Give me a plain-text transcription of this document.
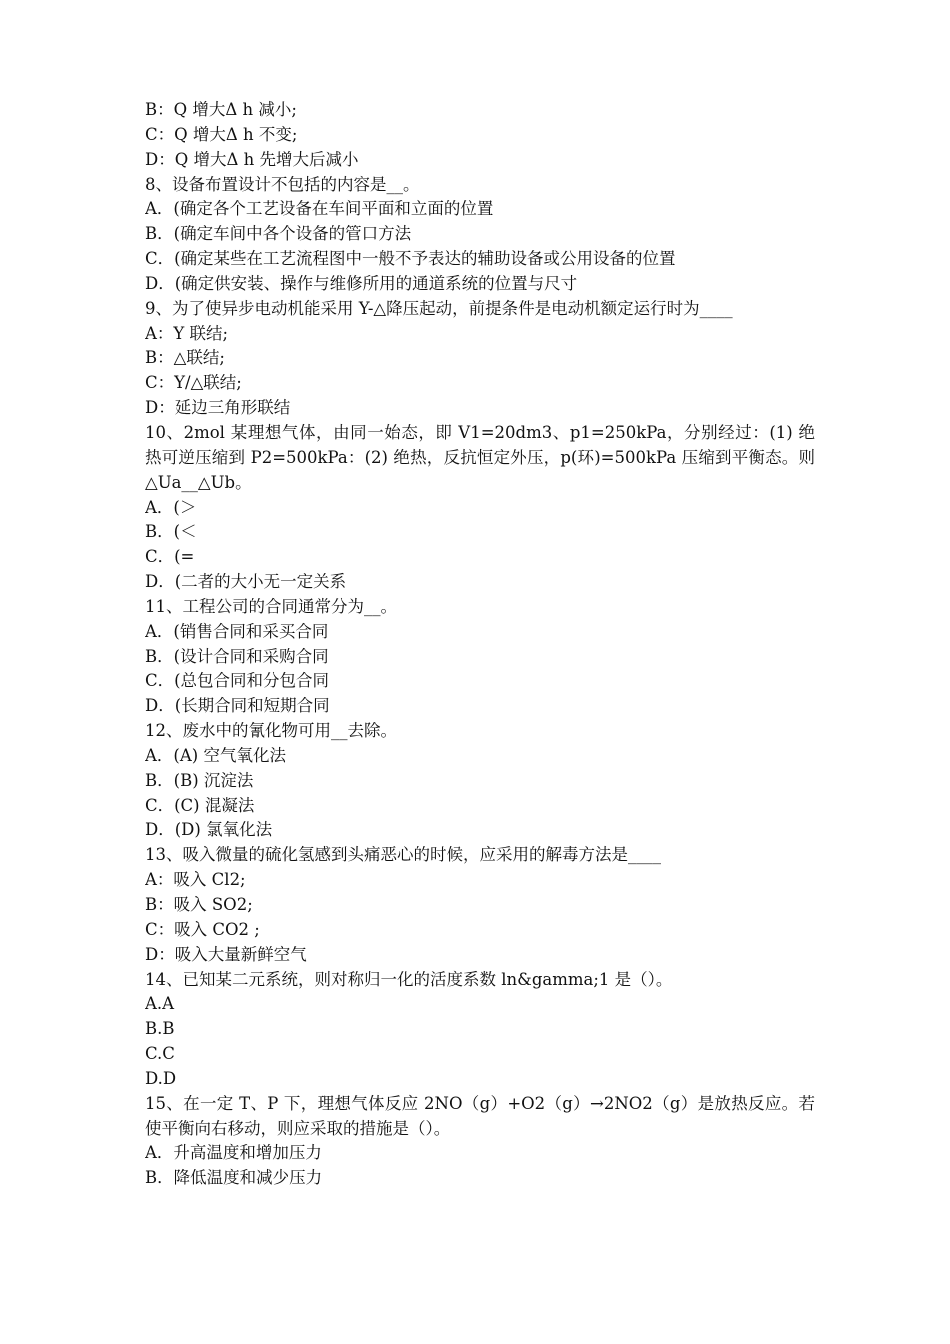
B：Q 增大Δ h 减小;
C：Q 增大Δ h 不变;
D：Q 增大Δ h 先增大后减小
8、设备布置设计不包括的内容是__。
A．(确定各个工艺设备在车间平面和立面的位置
B．(确定车间中各个设备的管口方法
C．(确定某些在工艺流程图中一般不予表达的辅助设备或公用设备的位置
D．(确定供安装、操作与维修所用的通道系统的位置与尺寸
9、为了使异步电动机能采用 Y-△降压起动，前提条件是电动机额定运行时为____
A：Y 联结;
B：△联结;
C：Y/△联结;
D：延边三角形联结
10、2mol 某理想气体，由同一始态，即 V1=20dm3、p1=250kPa，分别经过：(1) 绝热可逆压缩到 P2=500kPa：(2) 绝热，反抗恒定外压，p(环)=500kPa 压缩到平衡态。则△Ua__△Ub。
A．(＞
B．(＜
C．(=
D．(二者的大小无一定关系
11、工程公司的合同通常分为__。
A．(销售合同和采买合同
B．(设计合同和采购合同
C．(总包合同和分包合同
D．(长期合同和短期合同
12、废水中的氰化物可用__去除。
A．(A) 空气氧化法
B．(B) 沉淀法
C．(C) 混凝法
D．(D) 氯氧化法
13、吸入微量的硫化氢感到头痛恶心的时候，应采用的解毒方法是____
A：吸入 Cl2;
B：吸入 SO2;
C：吸入 CO2 ;
D：吸入大量新鲜空气
14、已知某二元系统，则对称归一化的活度系数 ln&gamma;1 是（）。
A.A
B.B
C.C
D.D
15、在一定 T、P 下，理想气体反应 2NO（g）+O2（g）→2NO2（g）是放热反应。若使平衡向右移动，则应采取的措施是（）。
A．升高温度和增加压力
B．降低温度和减少压力
